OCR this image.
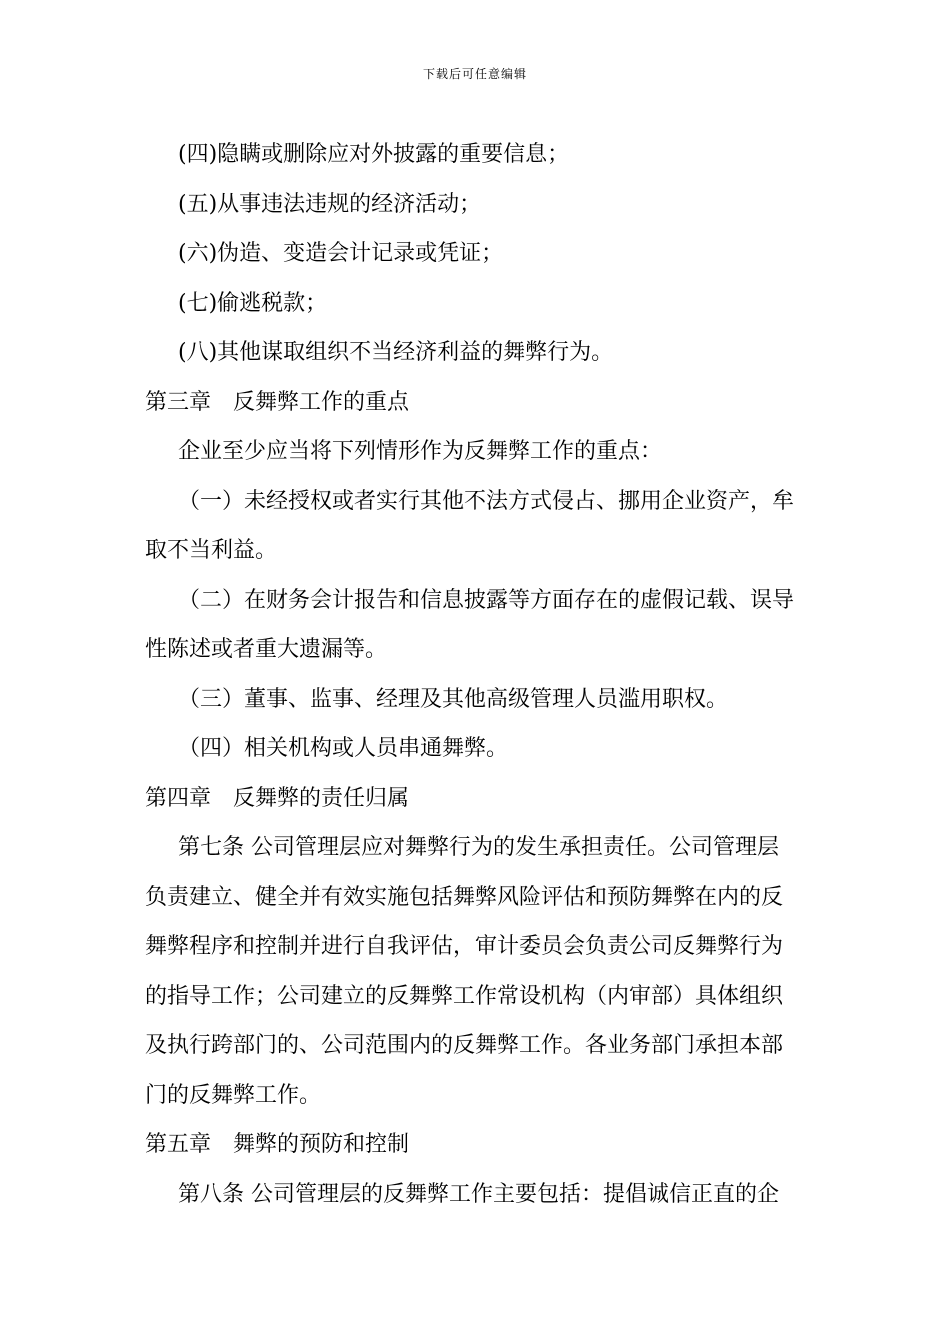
下载后可任意编辑
(四)隐瞒或删除应对外披露的重要信息；
(五)从事违法违规的经济活动；
(六)伪造、变造会计记录或凭证；
(七)偷逃税款；
(八)其他谋取组织不当经济利益的舞弊行为。
第三章　反舞弊工作的重点
企业至少应当将下列情形作为反舞弊工作的重点：
（一）未经授权或者实行其他不法方式侵占、挪用企业资产，牟
取不当利益。
（二）在财务会计报告和信息披露等方面存在的虚假记载、误导
性陈述或者重大遗漏等。
（三）董事、监事、经理及其他高级管理人员滥用职权。
（四）相关机构或人员串通舞弊。
第四章　反舞弊的责任归属
第七条 公司管理层应对舞弊行为的发生承担责任。公司管理层
负责建立、健全并有效实施包括舞弊风险评估和预防舞弊在内的反
舞弊程序和控制并进行自我评估，审计委员会负责公司反舞弊行为
的指导工作；公司建立的反舞弊工作常设机构（内审部）具体组织
及执行跨部门的、公司范围内的反舞弊工作。各业务部门承担本部
门的反舞弊工作。
第五章　舞弊的预防和控制
第八条 公司管理层的反舞弊工作主要包括：提倡诚信正直的企
